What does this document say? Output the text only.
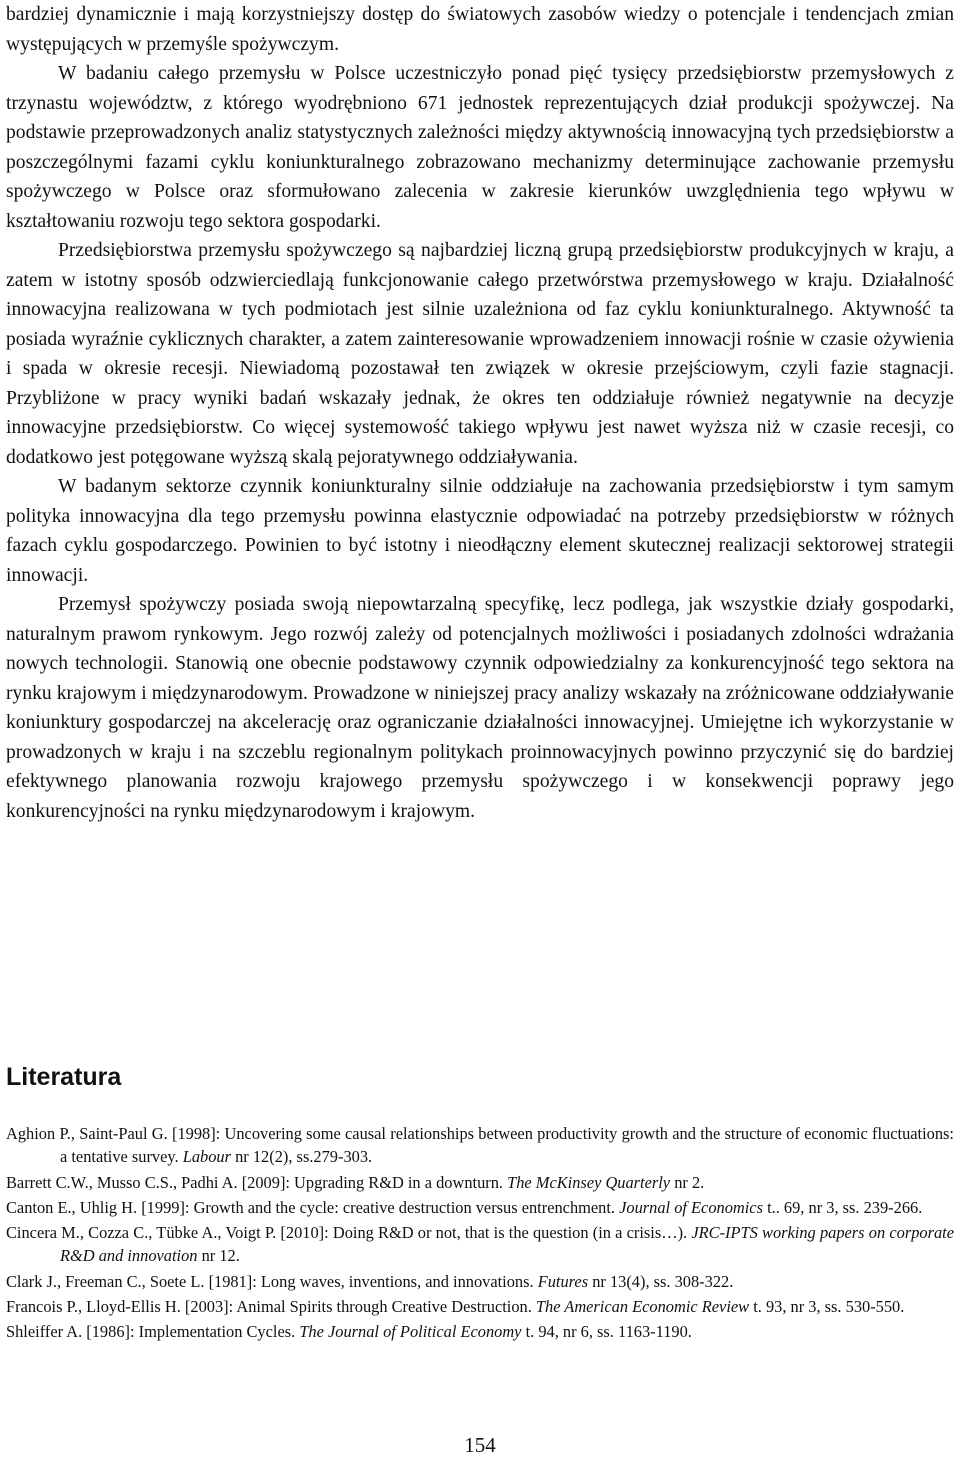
bardziej dynamicznie i mają korzystniejszy dostęp do światowych zasobów wiedzy o potencjale i tendencjach zmian występujących w przemyśle spożywczym.

W badaniu całego przemysłu w Polsce uczestniczyło ponad pięć tysięcy przedsiębiorstw przemysłowych z trzynastu województw, z którego wyodrębniono 671 jednostek reprezentujących dział produkcji spożywczej. Na podstawie przeprowadzonych analiz statystycznych zależności między aktywnością innowacyjną tych przedsiębiorstw a poszczególnymi fazami cyklu koniunkturalnego zobrazowano mechanizmy determinujące zachowanie przemysłu spożywczego w Polsce oraz sformułowano zalecenia w zakresie kierunków uwzględnienia tego wpływu w kształtowaniu rozwoju tego sektora gospodarki.

Przedsiębiorstwa przemysłu spożywczego są najbardziej liczną grupą przedsiębiorstw produkcyjnych w kraju, a zatem w istotny sposób odzwierciedlają funkcjonowanie całego przetwórstwa przemysłowego w kraju. Działalność innowacyjna realizowana w tych podmiotach jest silnie uzależniona od faz cyklu koniunkturalnego. Aktywność ta posiada wyraźnie cyklicznych charakter, a zatem zainteresowanie wprowadzeniem innowacji rośnie w czasie ożywienia i spada w okresie recesji. Niewiadomą pozostawał ten związek w okresie przejściowym, czyli fazie stagnacji. Przybliżone w pracy wyniki badań wskazały jednak, że okres ten oddziałuje również negatywnie na decyzje innowacyjne przedsiębiorstw. Co więcej systemowość takiego wpływu jest nawet wyższa niż w czasie recesji, co dodatkowo jest potęgowane wyższą skalą pejoratywnego oddziaływania.

W badanym sektorze czynnik koniunkturalny silnie oddziałuje na zachowania przedsiębiorstw i tym samym polityka innowacyjna dla tego przemysłu powinna elastycznie odpowiadać na potrzeby przedsiębiorstw w różnych fazach cyklu gospodarczego. Powinien to być istotny i nieodłączny element skutecznej realizacji sektorowej strategii innowacji.

Przemysł spożywczy posiada swoją niepowtarzalną specyfikę, lecz podlega, jak wszystkie działy gospodarki, naturalnym prawom rynkowym. Jego rozwój zależy od potencjalnych możliwości i posiadanych zdolności wdrażania nowych technologii. Stanowią one obecnie podstawowy czynnik odpowiedzialny za konkurencyjność tego sektora na rynku krajowym i międzynarodowym. Prowadzone w niniejszej pracy analizy wskazały na zróżnicowane oddziaływanie koniunktury gospodarczej na akcelerację oraz ograniczanie działalności innowacyjnej. Umiejętne ich wykorzystanie w prowadzonych w kraju i na szczeblu regionalnym politykach proinnowacyjnych powinno przyczynić się do bardziej efektywnego planowania rozwoju krajowego przemysłu spożywczego i w konsekwencji poprawy jego konkurencyjności na rynku międzynarodowym i krajowym.

Literatura

Aghion P., Saint-Paul G. [1998]: Uncovering some causal relationships between productivity growth and the structure of economic fluctuations: a tentative survey. Labour nr 12(2), ss.279-303.

Barrett C.W., Musso C.S., Padhi A. [2009]: Upgrading R&D in a downturn. The McKinsey Quarterly nr 2.

Canton E., Uhlig H. [1999]: Growth and the cycle: creative destruction versus entrenchment. Journal of Economics t.. 69, nr 3, ss. 239-266.

Cincera M., Cozza C., Tübke A., Voigt P. [2010]: Doing R&D or not, that is the question (in a crisis…). JRC-IPTS working papers on corporate R&D and innovation nr 12.

Clark J., Freeman C., Soete L. [1981]: Long waves, inventions, and innovations. Futures nr 13(4), ss. 308-322.

Francois P., Lloyd-Ellis H. [2003]: Animal Spirits through Creative Destruction. The American Economic Review t. 93, nr 3, ss. 530-550.

Shleiffer A. [1986]: Implementation Cycles. The Journal of Political Economy t. 94, nr 6, ss. 1163-1190.

154
